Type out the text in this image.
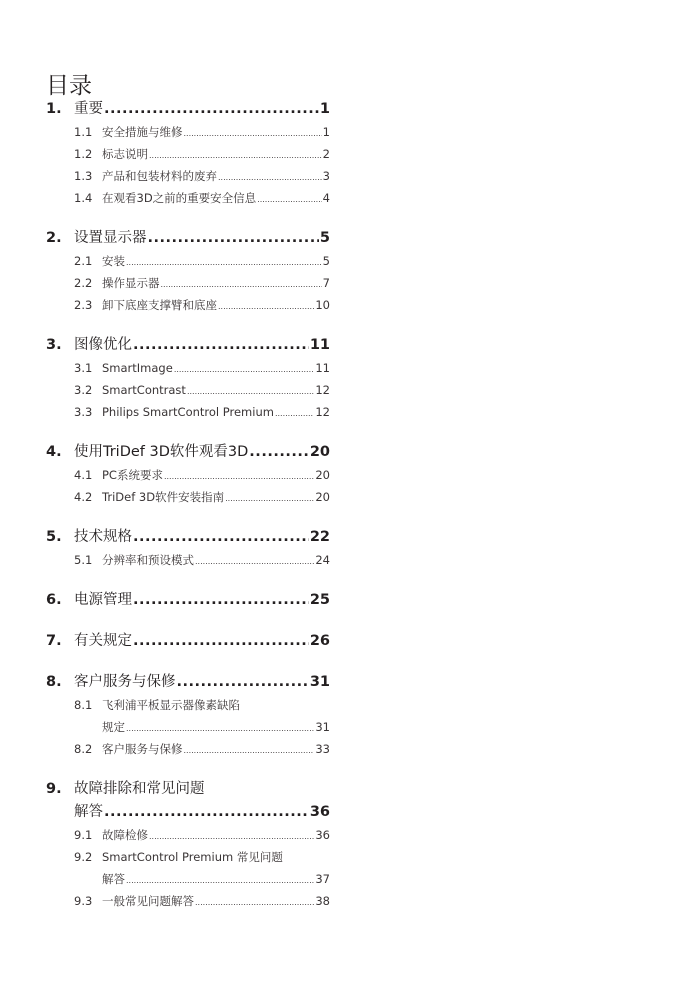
目录
1. 重要 .....	1
1.1 安全措施与维修 .....	1
1.2 标志说明 .....	2
1.3 产品和包装材料的废弃 .....	3
1.4 在观看3D之前的重要安全信息 .....	4
2. 设置显示器 .....	5
2.1 安装 .....	5
2.2 操作显示器 .....	7
2.3 卸下底座支撑臂和底座 .....	10
3. 图像优化 .....	11
3.1 SmartImage .....	11
3.2 SmartContrast .....	12
3.3 Philips SmartControl Premium .....	12
4. 使用TriDef 3D软件观看3D .....	20
4.1 PC系统要求 .....	20
4.2 TriDef 3D软件安装指南 .....	20
5. 技术规格 .....	22
5.1 分辨率和预设模式 .....	24
6. 电源管理 .....	25
7. 有关规定 .....	26
8. 客户服务与保修 .....	31
8.1 飞利浦平板显示器像素缺陷
规定 .....	31
8.2 客户服务与保修 .....	33
9. 故障排除和常见问题
解答 .....	36
9.1 故障检修 .....	36
9.2 SmartControl Premium 常见问题
解答 .....	37
9.3 一般常见问题解答 .....	38
